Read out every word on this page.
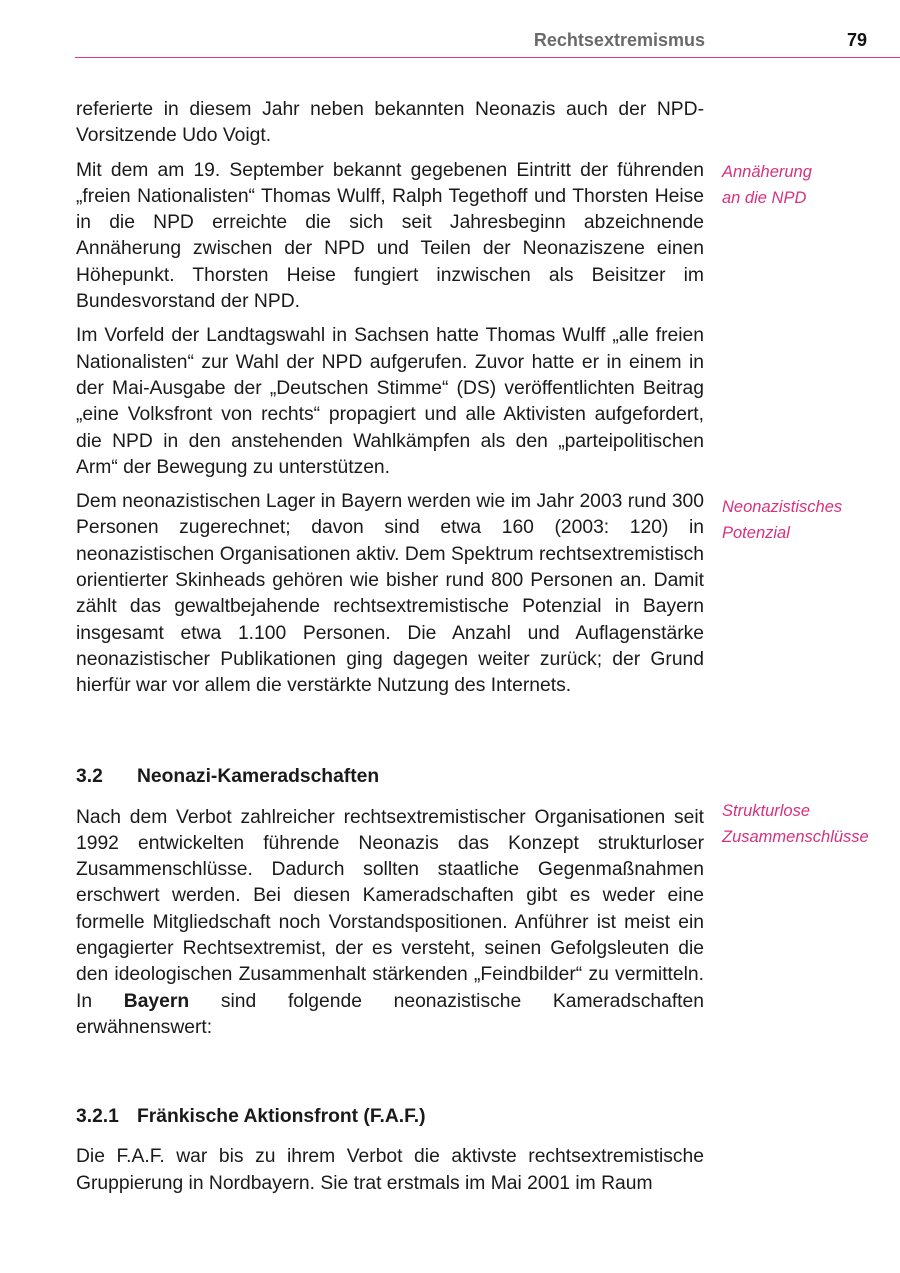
Rechtsextremismus	79

referierte in diesem Jahr neben bekannten Neonazis auch der NPD-Vorsitzende Udo Voigt.

Mit dem am 19. September bekannt gegebenen Eintritt der führenden „freien Nationalisten“ Thomas Wulff, Ralph Tegethoff und Thorsten Heise in die NPD erreichte die sich seit Jahresbeginn abzeichnende Annäherung zwischen der NPD und Teilen der Neonaziszene einen Höhepunkt. Thorsten Heise fungiert inzwischen als Beisitzer im Bundesvorstand der NPD.

Im Vorfeld der Landtagswahl in Sachsen hatte Thomas Wulff „alle freien Nationalisten“ zur Wahl der NPD aufgerufen. Zuvor hatte er in einem in der Mai-Ausgabe der „Deutschen Stimme“ (DS) veröffentlichten Beitrag „eine Volksfront von rechts“ propagiert und alle Aktivisten aufgefordert, die NPD in den anstehenden Wahlkämpfen als den „parteipolitischen Arm“ der Bewegung zu unterstützen.

Dem neonazistischen Lager in Bayern werden wie im Jahr 2003 rund 300 Personen zugerechnet; davon sind etwa 160 (2003: 120) in neonazistischen Organisationen aktiv. Dem Spektrum rechtsextremistisch orientierter Skinheads gehören wie bisher rund 800 Personen an. Damit zählt das gewaltbejahende rechtsextremistische Potenzial in Bayern insgesamt etwa 1.100 Personen. Die Anzahl und Auflagenstärke neonazistischer Publikationen ging dagegen weiter zurück; der Grund hierfür war vor allem die verstärkte Nutzung des Internets.

3.2 Neonazi-Kameradschaften

Nach dem Verbot zahlreicher rechtsextremistischer Organisationen seit 1992 entwickelten führende Neonazis das Konzept strukturloser Zusammenschlüsse. Dadurch sollten staatliche Gegenmaßnahmen erschwert werden. Bei diesen Kameradschaften gibt es weder eine formelle Mitgliedschaft noch Vorstandspositionen. Anführer ist meist ein engagierter Rechtsextremist, der es versteht, seinen Gefolgsleuten die den ideologischen Zusammenhalt stärkenden „Feindbilder“ zu vermitteln. In Bayern sind folgende neonazistische Kameradschaften erwähnenswert:

3.2.1 Fränkische Aktionsfront (F.A.F.)

Die F.A.F. war bis zu ihrem Verbot die aktivste rechtsextremistische Gruppierung in Nordbayern. Sie trat erstmals im Mai 2001 im Raum

Annäherung
an die NPD
Neonazistisches
Potenzial
Strukturlose
Zusammenschlüsse
